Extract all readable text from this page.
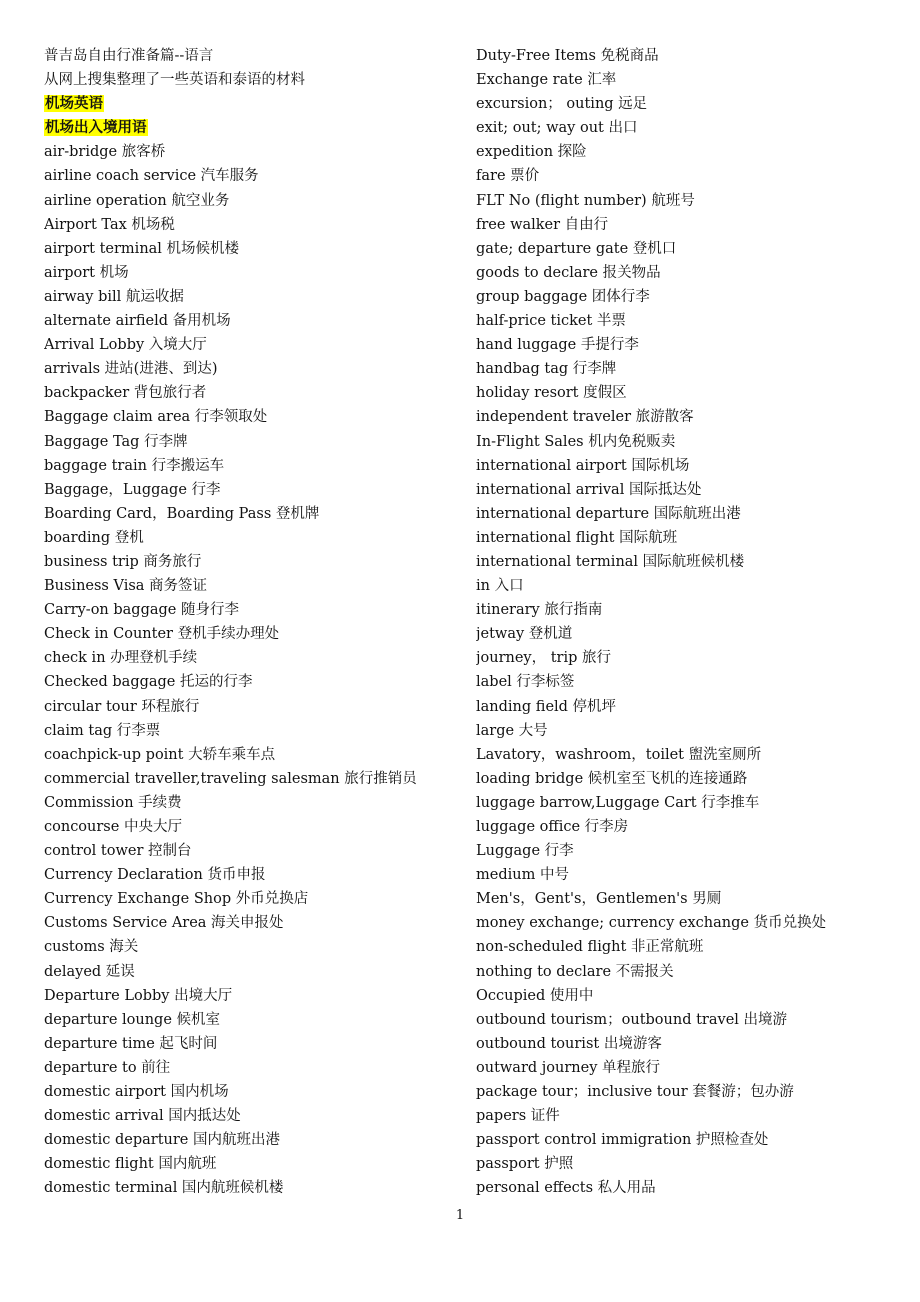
普吉岛自由行准备篇--语言
从网上搜集整理了一些英语和泰语的材料
机场英语
机场出入境用语
air-bridge 旅客桥
airline coach service 汽车服务
airline operation 航空业务
Airport Tax 机场税
airport terminal 机场候机楼
airport 机场
airway bill 航运收据
alternate airfield 备用机场
Arrival Lobby 入境大厅
arrivals 进站(进港、到达)
backpacker 背包旅行者
Baggage claim area 行李领取处
Baggage Tag 行李牌
baggage train 行李搬运车
Baggage，Luggage 行李
Boarding Card，Boarding Pass 登机牌
boarding 登机
business trip 商务旅行
Business Visa 商务签证
Carry-on baggage 随身行李
Check in Counter 登机手续办理处
check in 办理登机手续
Checked baggage 托运的行李
circular tour 环程旅行
claim tag 行李票
coachpick-up point 大轿车乘车点
commercial traveller,traveling salesman 旅行推销员
Commission 手续费
concourse 中央大厅
control tower 控制台
Currency Declaration 货币申报
Currency Exchange Shop 外币兑换店
Customs Service Area 海关申报处
customs 海关
delayed 延误
Departure Lobby 出境大厅
departure lounge 候机室
departure time 起飞时间
departure to 前往
domestic airport 国内机场
domestic arrival 国内抵达处
domestic departure 国内航班出港
domestic flight 国内航班
domestic terminal 国内航班候机楼
Duty-Free Items 免税商品
Exchange rate 汇率
excursion； outing 远足
exit; out; way out 出口
expedition 探险
fare 票价
FLT No (flight number) 航班号
free walker 自由行
gate; departure gate 登机口
goods to declare 报关物品
group baggage 团体行李
half-price ticket 半票
hand luggage 手提行李
handbag tag 行李牌
holiday resort 度假区
independent traveler 旅游散客
In-Flight Sales 机内免税贩卖
international airport 国际机场
international arrival 国际抵达处
international departure 国际航班出港
international flight 国际航班
international terminal 国际航班候机楼
in 入口
itinerary 旅行指南
jetway 登机道
journey， trip 旅行
label 行李标签
landing field 停机坪
large 大号
Lavatory，washroom，toilet 盥洗室厕所
loading bridge 候机室至飞机的连接通路
luggage barrow,Luggage Cart 行李推车
luggage office 行李房
Luggage 行李
medium 中号
Men's，Gent's，Gentlemen's 男厕
money exchange; currency exchange 货币兑换处
non-scheduled flight 非正常航班
nothing to declare 不需报关
Occupied 使用中
outbound tourism；outbound travel 出境游
outbound tourist 出境游客
outward journey 单程旅行
package tour；inclusive tour 套餐游；包办游
papers 证件
passport control immigration 护照检查处
passport 护照
personal effects 私人用品
1
